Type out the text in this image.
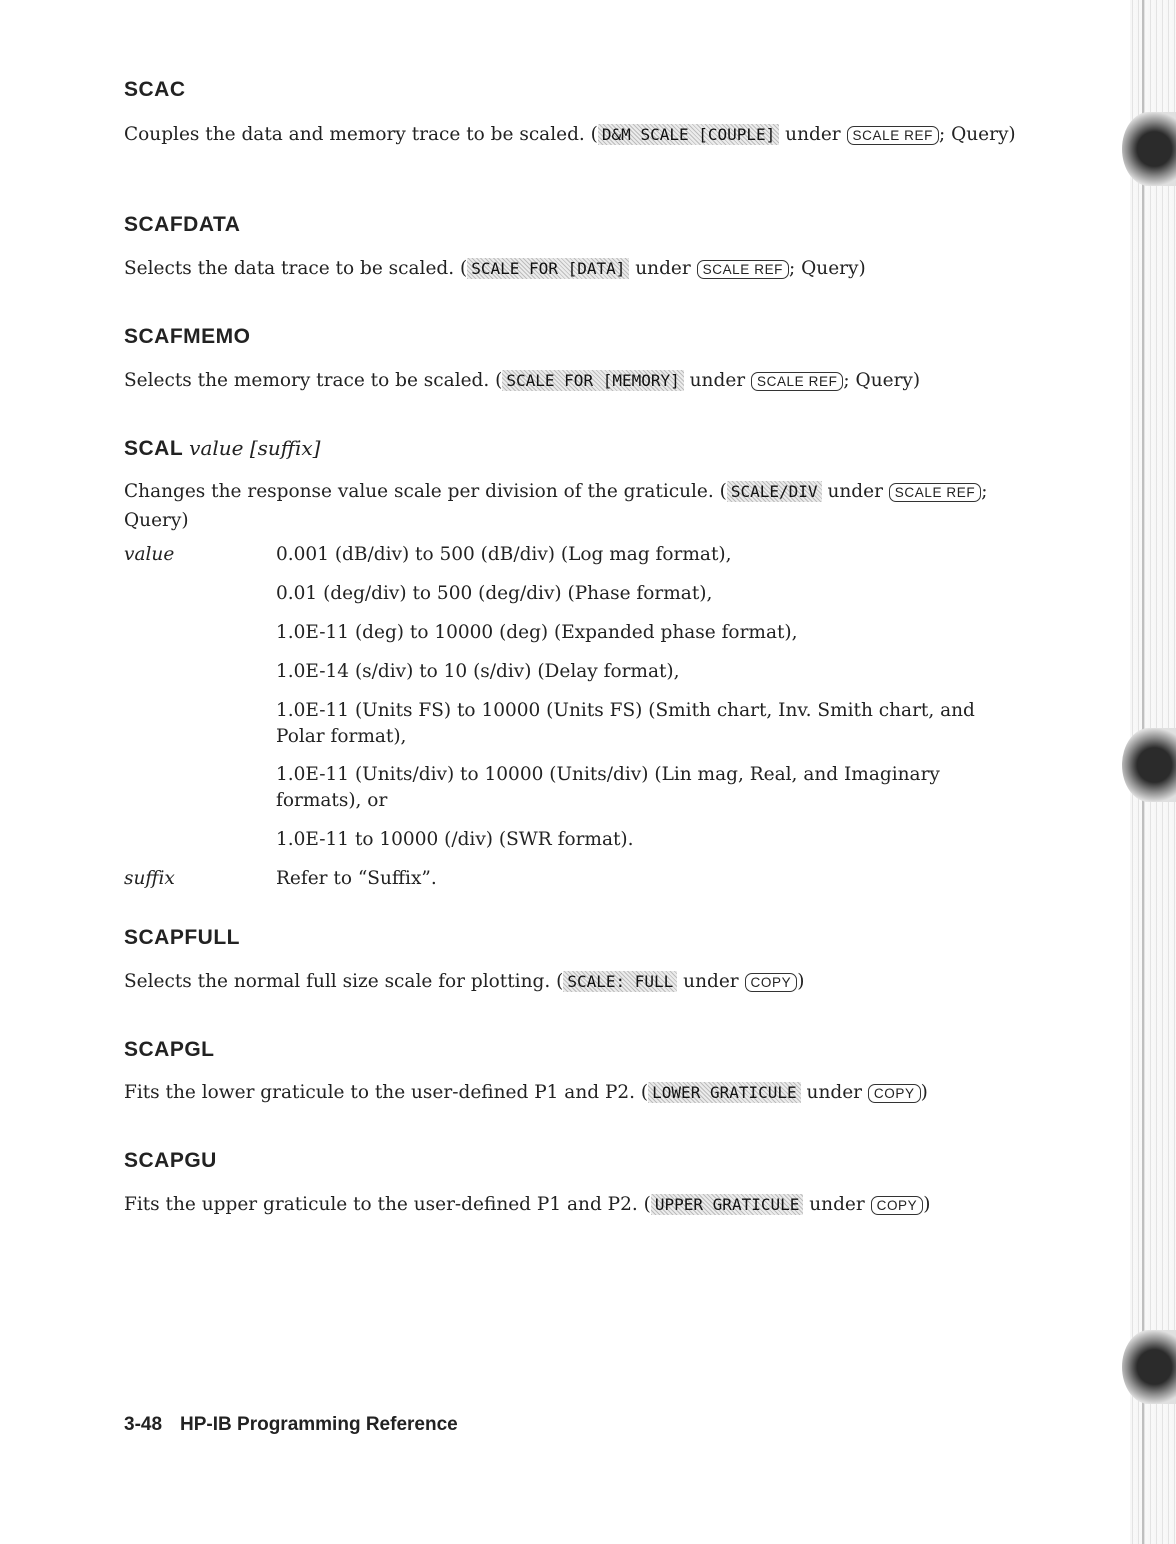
SCAC
Couples the data and memory trace to be scaled. ( D&M SCALE [COUPLE] under SCALE REF ; Query)
SCAFDATA
Selects the data trace to be scaled. ( SCALE FOR [DATA] under SCALE REF ; Query)
SCAFMEMO
Selects the memory trace to be scaled. ( SCALE FOR [MEMORY] under SCALE REF ; Query)
SCAL value [suffix]
Changes the response value scale per division of the graticule. ( SCALE/DIV under SCALE REF ; Query)
value	0.001 (dB/div) to 500 (dB/div) (Log mag format),
0.01 (deg/div) to 500 (deg/div) (Phase format),
1.0E-11 (deg) to 10000 (deg) (Expanded phase format),
1.0E-14 (s/div) to 10 (s/div) (Delay format),
1.0E-11 (Units FS) to 10000 (Units FS) (Smith chart, Inv. Smith chart, and Polar format),
1.0E-11 (Units/div) to 10000 (Units/div) (Lin mag, Real, and Imaginary formats), or
1.0E-11 to 10000 (/div) (SWR format).
suffix	Refer to “Suffix”.
SCAPFULL
Selects the normal full size scale for plotting. ( SCALE: FULL under COPY )
SCAPGL
Fits the lower graticule to the user-defined P1 and P2. ( LOWER GRATICULE under COPY )
SCAPGU
Fits the upper graticule to the user-defined P1 and P2. ( UPPER GRATICULE under COPY )
3-48 HP-IB Programming Reference
